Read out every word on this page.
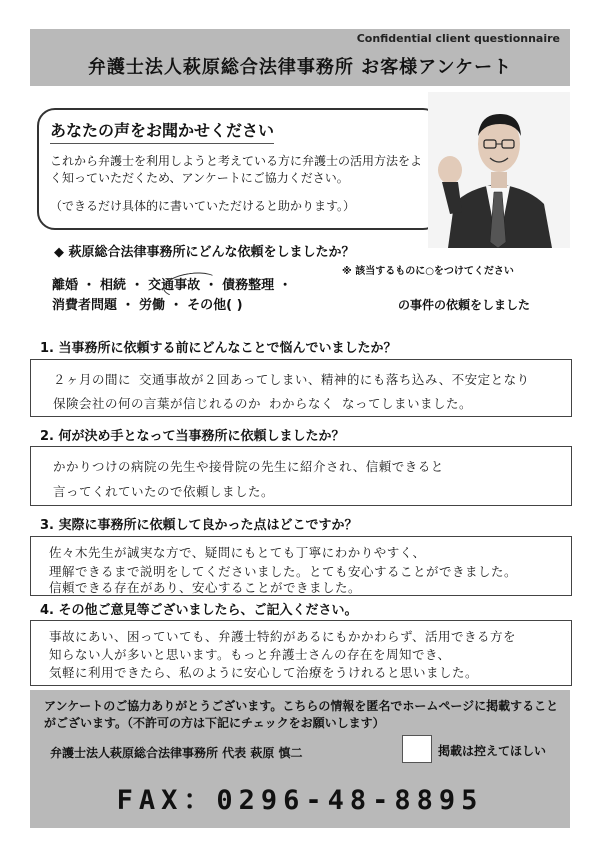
Confidential client questionnaire
弁護士法人萩原総合法律事務所 お客様アンケート
あなたの声をお聞かせください
これから弁護士を利用しようと考えている方に弁護士の活用方法をよく知っていただくため、アンケートにご協力ください。
（できるだけ具体的に書いていただけると助かります。）
◆ 萩原総合法律事務所にどんな依頼をしましたか？
※ 該当するものに○をつけてください
離婚 ・ 相続 ・ 交通事故 ・ 債務整理 ・
消費者問題 ・ 労働 ・ その他( )	の事件の依頼をしました
1. 当事務所に依頼する前にどんなことで悩んでいましたか？
２ヶ月の間に 交通事故が２回あってしまい、精神的にも落ち込み、不安定となり
保険会社の何の言葉が信じれるのか わからなく なってしまいました。
2. 何が決め手となって当事務所に依頼しましたか？
かかりつけの病院の先生や接骨院の先生に紹介され、信頼できると
言ってくれていたので依頼しました。
3. 実際に事務所に依頼して良かった点はどこですか？
佐々木先生が誠実な方で、疑問にもとても丁寧にわかりやすく、
理解できるまで説明をしてくださいました。とても安心することができました。
信頼できる存在があり、安心することができました。
4. その他ご意見等ございましたら、ご記入ください。
事故にあい、困っていても、弁護士特約があるにもかかわらず、活用できる方を
知らない人が多いと思います。もっと弁護士さんの存在を周知でき、
気軽に利用できたら、私のように安心して治療をうけれると思いました。
アンケートのご協力ありがとうございます。こちらの情報を匿名でホームページに掲載することがございます。（不許可の方は下記にチェックをお願いします）
弁護士法人萩原総合法律事務所 代表 萩原 慎二	掲載は控えてほしい
FAX：0296-48-8895
